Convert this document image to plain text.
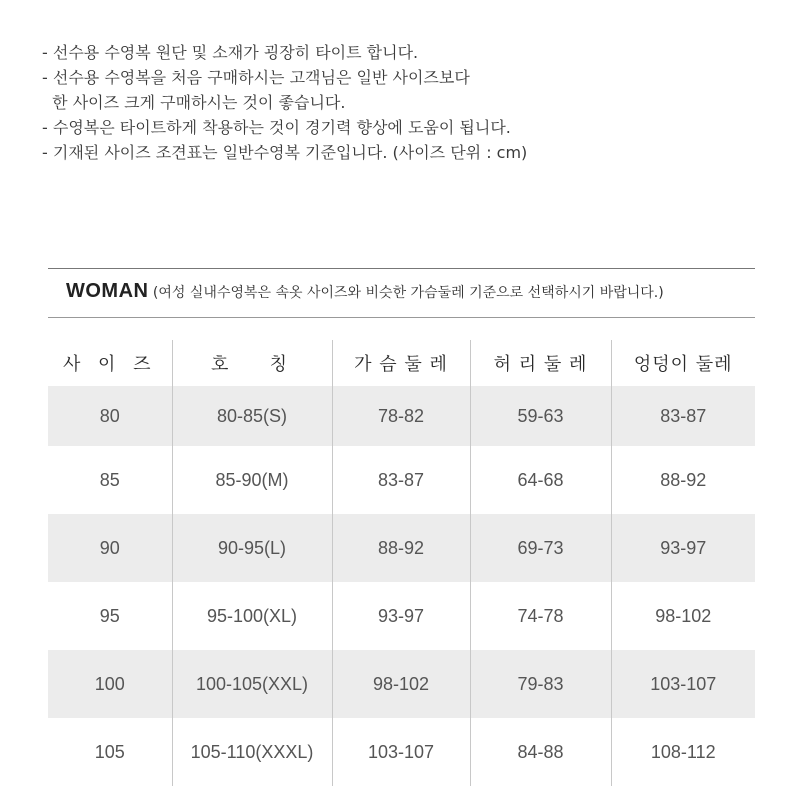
- 선수용 수영복 원단 및 소재가 굉장히 타이트 합니다.
- 선수용 수영복을 처음 구매하시는 고객님은 일반 사이즈보다
한 사이즈 크게 구매하시는 것이 좋습니다.
- 수영복은 타이트하게 착용하는 것이 경기력 향상에 도움이 됩니다.
- 기재된 사이즈 조견표는 일반수영복 기준입니다. (사이즈 단위 : cm)
WOMAN (여성 실내수영복은 속옷 사이즈와 비슷한 가슴둘레 기준으로 선택하시기 바랍니다.)
사 이 즈	호   칭	가 슴 둘 레	허 리 둘 레	엉덩이 둘레
80	80-85(S)	78-82	59-63	83-87
85	85-90(M)	83-87	64-68	88-92
90	90-95(L)	88-92	69-73	93-97
95	95-100(XL)	93-97	74-78	98-102
100	100-105(XXL)	98-102	79-83	103-107
105	105-110(XXXL)	103-107	84-88	108-112
